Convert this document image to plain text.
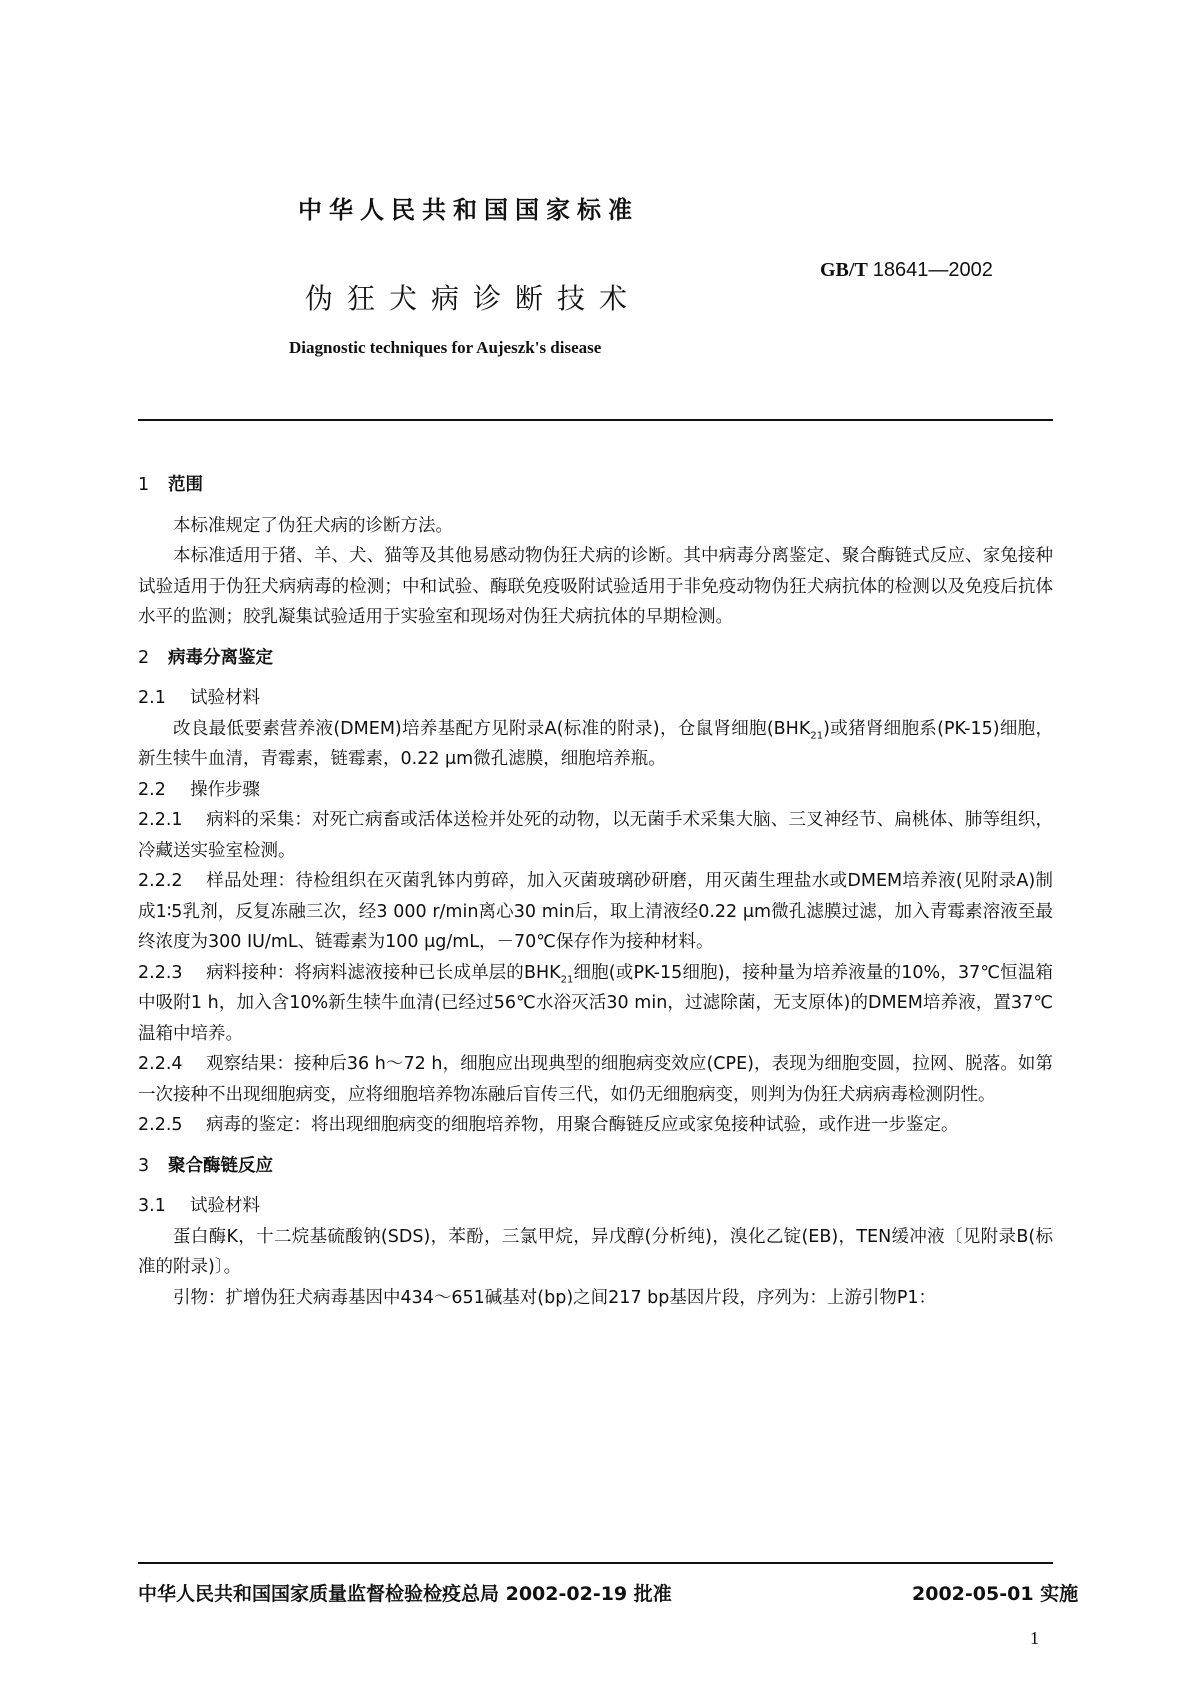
中华人民共和国国家标准
GB/T 18641—2002
伪狂犬病诊断技术
Diagnostic techniques for Aujeszk's disease

1 范围

本标准规定了伪狂犬病的诊断方法。

本标准适用于猪、羊、犬、猫等及其他易感动物伪狂犬病的诊断。其中病毒分离鉴定、聚合酶链式反应、家兔接种试验适用于伪狂犬病病毒的检测；中和试验、酶联免疫吸附试验适用于非免疫动物伪狂犬病抗体的检测以及免疫后抗体水平的监测；胶乳凝集试验适用于实验室和现场对伪狂犬病抗体的早期检测。

2 病毒分离鉴定

2.1 试验材料

改良最低要素营养液(DMEM)培养基配方见附录A(标准的附录)，仓鼠肾细胞$(BHK_{21})$或猪肾细胞系(PK-15)细胞，新生犊牛血清，青霉素，链霉素，0.22 μm微孔滤膜，细胞培养瓶。

2.2 操作步骤

2.2.1 病料的采集：对死亡病畜或活体送检并处死的动物，以无菌手术采集大脑、三叉神经节、扁桃体、肺等组织，冷藏送实验室检测。

2.2.2 样品处理：待检组织在灭菌乳钵内剪碎，加入灭菌玻璃砂研磨，用灭菌生理盐水或DMEM培养液(见附录A)制成1∶5乳剂，反复冻融三次，经3 000 r/min离心30 min后，取上清液经0.22 μm微孔滤膜过滤，加入青霉素溶液至最终浓度为300 IU/mL、链霉素为100 μg/mL，－70℃保存作为接种材料。

2.2.3 病料接种：将病料滤液接种已长成单层的$BHK_{21}$细胞(或PK-15细胞)，接种量为培养液量的10%，37℃恒温箱中吸附1 h，加入含10%新生犊牛血清(已经过56℃水浴灭活30 min，过滤除菌，无支原体)的DMEM培养液，置37℃温箱中培养。

2.2.4 观察结果：接种后36 h～72 h，细胞应出现典型的细胞病变效应(CPE)，表现为细胞变圆，拉网、脱落。如第一次接种不出现细胞病变，应将细胞培养物冻融后盲传三代，如仍无细胞病变，则判为伪狂犬病病毒检测阴性。

2.2.5 病毒的鉴定：将出现细胞病变的细胞培养物，用聚合酶链反应或家兔接种试验，或作进一步鉴定。

3 聚合酶链反应

3.1 试验材料

蛋白酶K，十二烷基硫酸钠(SDS)，苯酚，三氯甲烷，异戊醇(分析纯)，溴化乙锭(EB)，TEN缓冲液〔见附录B(标准的附录)〕。

引物：扩增伪狂犬病毒基因中434～651碱基对(bp)之间217 bp基因片段，序列为：上游引物P1：

中华人民共和国国家质量监督检验检疫总局 2002-02-19 批准	2002-05-01 实施
1
